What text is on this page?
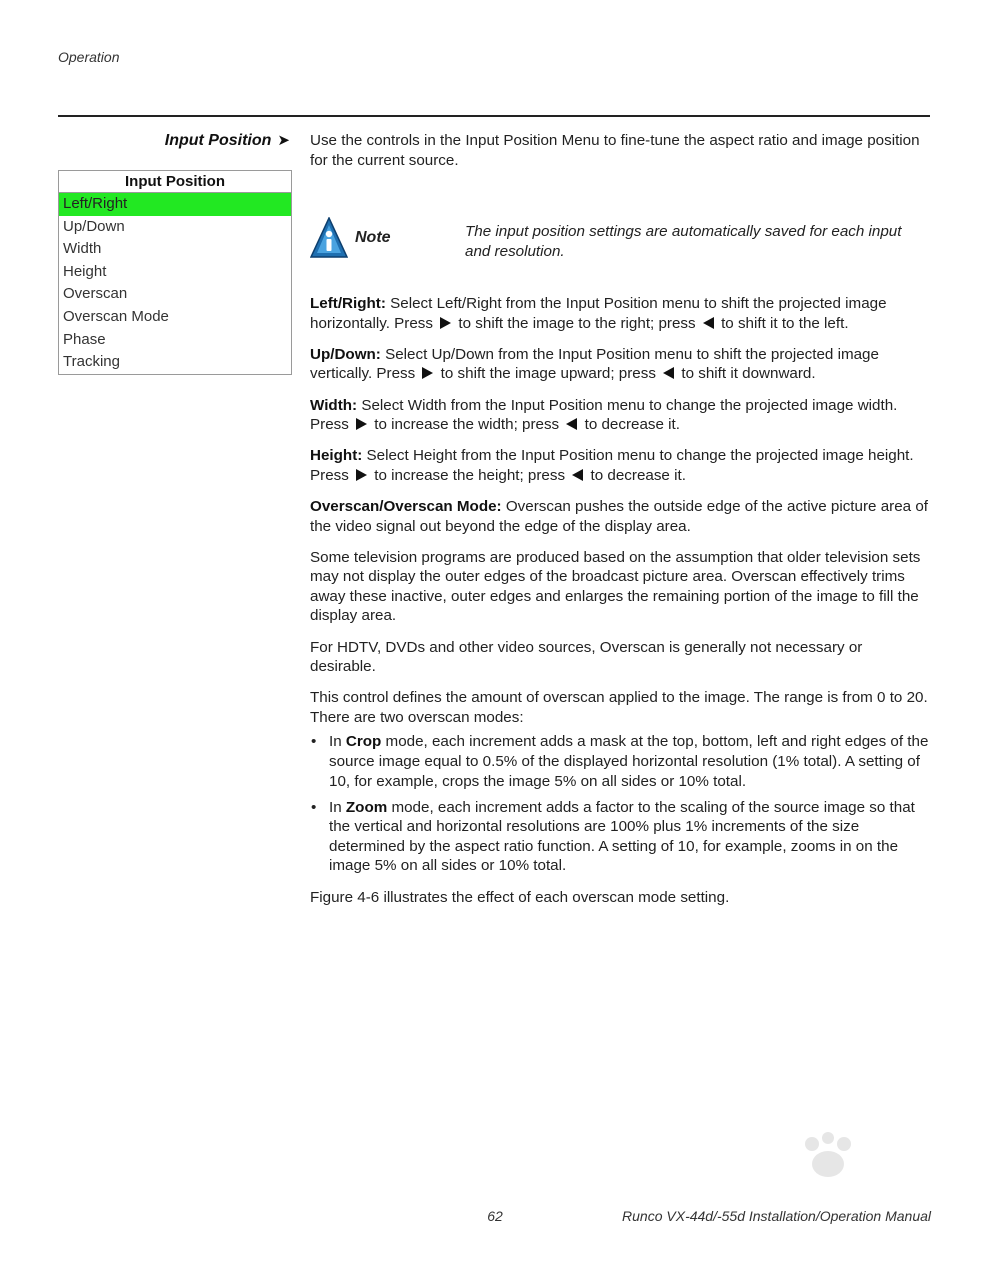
Operation
Input Position ➤
Input Position
Left/Right
Up/Down
Width
Height
Overscan
Overscan Mode
Phase
Tracking

Use the controls in the Input Position Menu to fine-tune the aspect ratio and image position for the current source.

Note	The input position settings are automatically saved for each input and resolution.

Left/Right: Select Left/Right from the Input Position menu to shift the projected image horizontally. Press  to shift the image to the right; press  to shift it to the left.

Up/Down: Select Up/Down from the Input Position menu to shift the projected image vertically. Press  to shift the image upward; press  to shift it downward.

Width: Select Width from the Input Position menu to change the projected image width. Press  to increase the width; press  to decrease it.

Height: Select Height from the Input Position menu to change the projected image height. Press  to increase the height; press  to decrease it.

Overscan/Overscan Mode: Overscan pushes the outside edge of the active picture area of the video signal out beyond the edge of the display area.

Some television programs are produced based on the assumption that older television sets may not display the outer edges of the broadcast picture area. Overscan effectively trims away these inactive, outer edges and enlarges the remaining portion of the image to fill the display area.

For HDTV, DVDs and other video sources, Overscan is generally not necessary or desirable.

This control defines the amount of overscan applied to the image. The range is from 0 to 20. There are two overscan modes:

• In Crop mode, each increment adds a mask at the top, bottom, left and right edges of the source image equal to 0.5% of the displayed horizontal resolution (1% total). A setting of 10, for example, crops the image 5% on all sides or 10% total.
• In Zoom mode, each increment adds a factor to the scaling of the source image so that the vertical and horizontal resolutions are 100% plus 1% increments of the size determined by the aspect ratio function. A setting of 10, for example, zooms in on the image 5% on all sides or 10% total.

Figure 4-6 illustrates the effect of each overscan mode setting.

62	Runco VX-44d/-55d Installation/Operation Manual
